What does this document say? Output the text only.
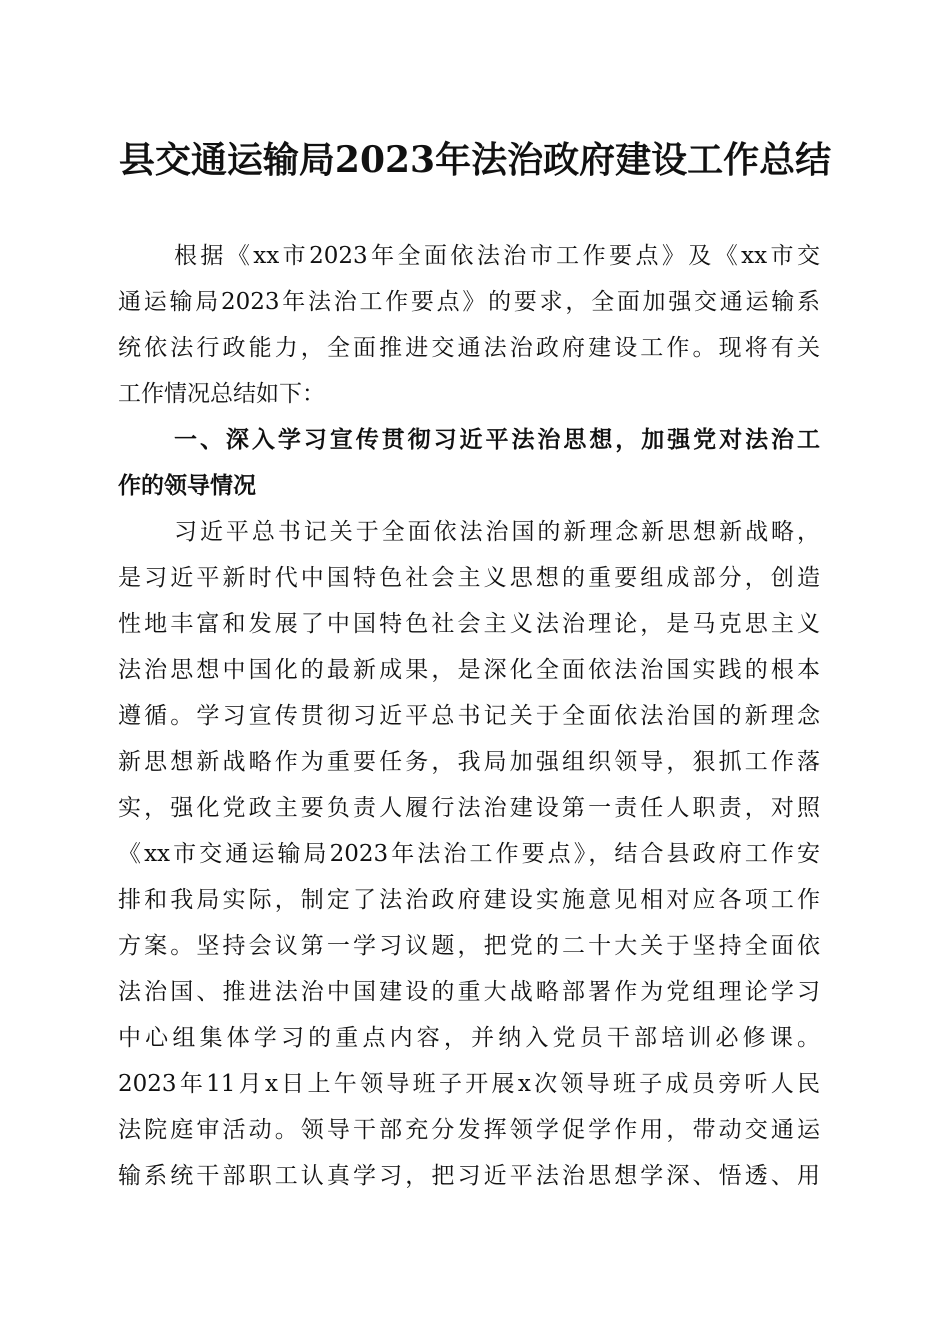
县交通运输局2023年法治政府建设工作总结
根据《xx市2023年全面依法治市工作要点》及《xx市交
通运输局2023年法治工作要点》的要求，全面加强交通运输系
统依法行政能力，全面推进交通法治政府建设工作。现将有关
工作情况总结如下：
一、深入学习宣传贯彻习近平法治思想，加强党对法治工
作的领导情况
习近平总书记关于全面依法治国的新理念新思想新战略，
是习近平新时代中国特色社会主义思想的重要组成部分，创造
性地丰富和发展了中国特色社会主义法治理论，是马克思主义
法治思想中国化的最新成果，是深化全面依法治国实践的根本
遵循。学习宣传贯彻习近平总书记关于全面依法治国的新理念
新思想新战略作为重要任务，我局加强组织领导，狠抓工作落
实，强化党政主要负责人履行法治建设第一责任人职责，对照
《xx市交通运输局2023年法治工作要点》，结合县政府工作安
排和我局实际，制定了法治政府建设实施意见相对应各项工作
方案。坚持会议第一学习议题，把党的二十大关于坚持全面依
法治国、推进法治中国建设的重大战略部署作为党组理论学习
中心组集体学习的重点内容，并纳入党员干部培训必修课。
2023年11月x日上午领导班子开展x次领导班子成员旁听人民
法院庭审活动。领导干部充分发挥领学促学作用，带动交通运
输系统干部职工认真学习，把习近平法治思想学深、悟透、用
